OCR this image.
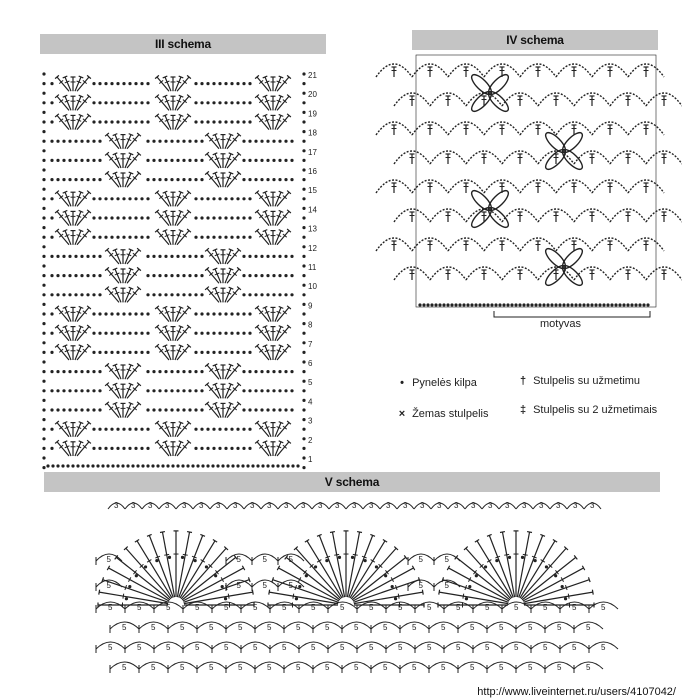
III schema
21
20
19
18
17
16
15
14
13
12
11
10
9
8
7
6
5
4
3
2
1
IV schema
motyvas
• Pynelės kilpa
× Žemas stulpelis
† Stulpelis su užmetimu
‡ Stulpelis su 2 užmetimais
V schema
3 3 3 3 3 3 3 3 3 3 3 3 3 3 3 3 3 3 3 3 3 3 3 3 3 3 3 3 3
5	5	5	5	5	5
5	5	5	5	5	5
5	5	5	5	5	5	5	5	5	5	5	5	5	5	5	5	5	5
5	5	5	5	5	5	5	5	5	5	5	5	5	5	5	5	5
5	5	5	5	5	5	5	5	5	5	5	5	5	5	5	5	5	5
5	5	5	5	5	5	5	5	5	5	5	5	5	5	5	5	5
http://www.liveinternet.ru/users/4107042/
